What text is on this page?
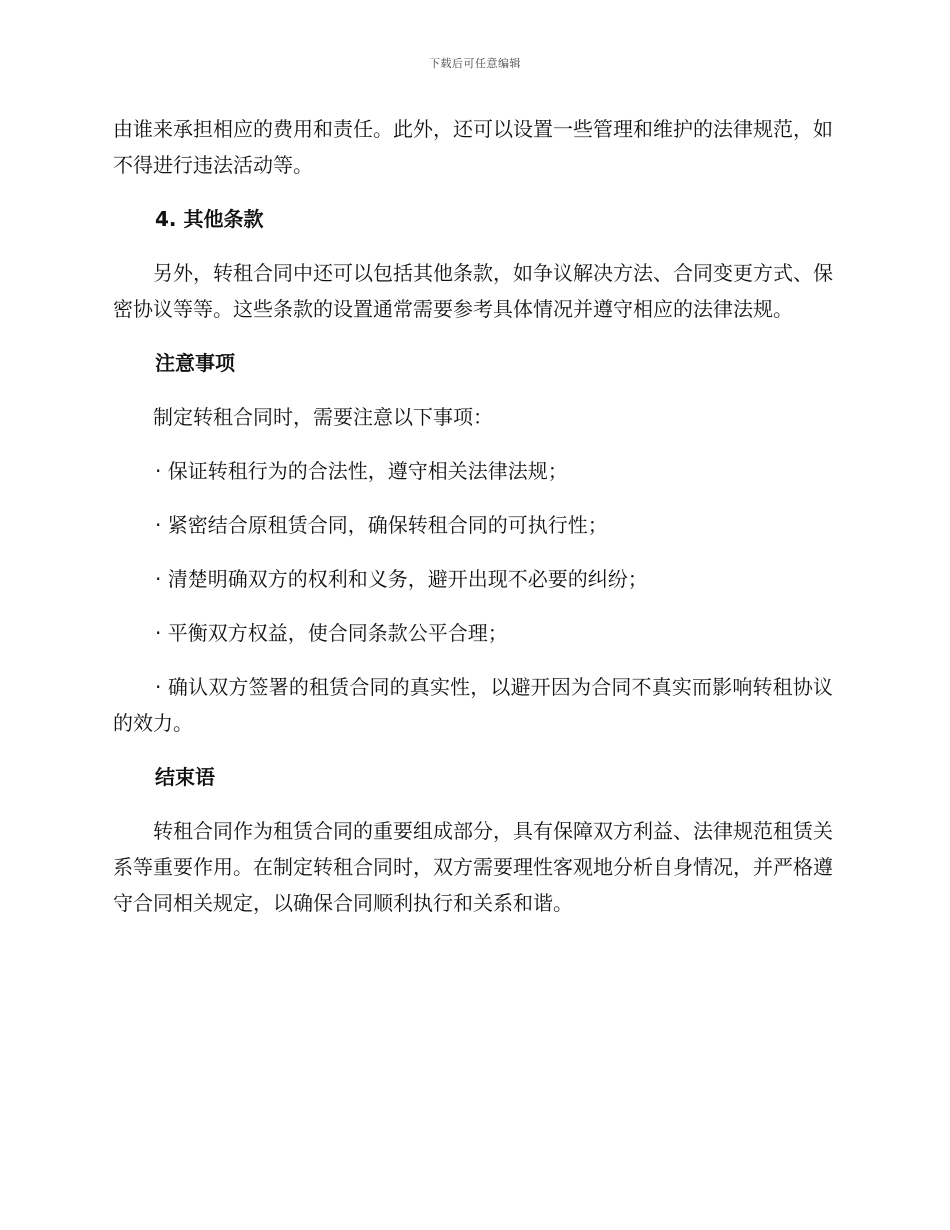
下载后可任意编辑

由谁来承担相应的费用和责任。此外，还可以设置一些管理和维护的法律规范，如不得进行违法活动等。

4. 其他条款

另外，转租合同中还可以包括其他条款，如争议解决方法、合同变更方式、保密协议等等。这些条款的设置通常需要参考具体情况并遵守相应的法律法规。

注意事项

制定转租合同时，需要注意以下事项：

· 保证转租行为的合法性，遵守相关法律法规；

· 紧密结合原租赁合同，确保转租合同的可执行性；

· 清楚明确双方的权利和义务，避开出现不必要的纠纷；

· 平衡双方权益，使合同条款公平合理；

· 确认双方签署的租赁合同的真实性，以避开因为合同不真实而影响转租协议的效力。

结束语

转租合同作为租赁合同的重要组成部分，具有保障双方利益、法律规范租赁关系等重要作用。在制定转租合同时，双方需要理性客观地分析自身情况，并严格遵守合同相关规定，以确保合同顺利执行和关系和谐。
